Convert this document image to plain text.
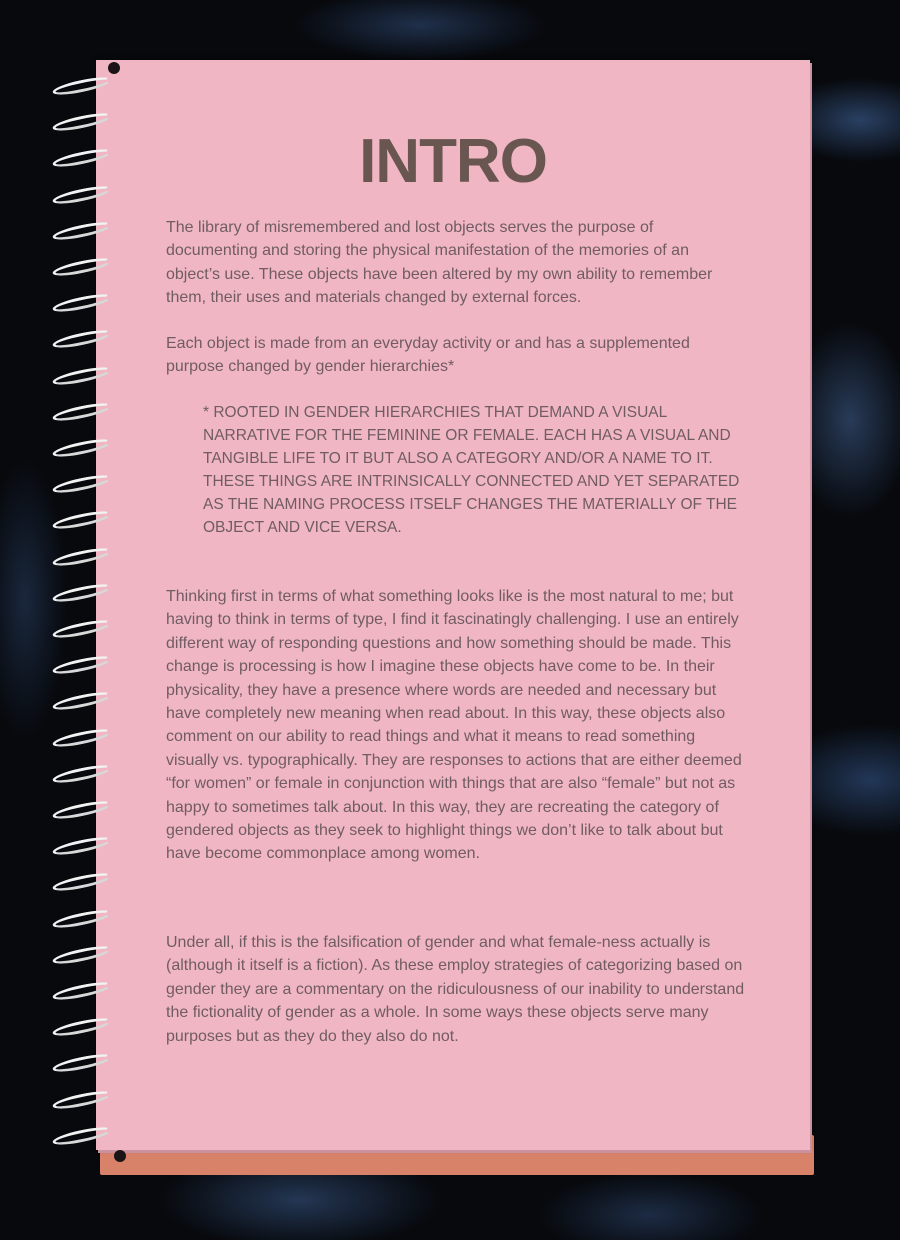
INTRO

The library of misremembered and lost objects serves the purpose of documenting and storing the physical manifestation of the memories of an object’s use. These objects have been altered by my own ability to remember them, their uses and materials changed by external forces.

Each object is made from an everyday activity or and has a supplemented purpose changed by gender hierarchies*

* ROOTED IN GENDER HIERARCHIES THAT DEMAND A VISUAL NARRATIVE FOR THE FEMININE OR FEMALE. EACH HAS A VISUAL AND TANGIBLE LIFE TO IT BUT ALSO A CATEGORY AND/OR A NAME TO IT. THESE THINGS ARE INTRINSICALLY CONNECTED AND YET SEPARATED AS THE NAMING PROCESS ITSELF CHANGES THE MATERIALLY OF THE OBJECT AND VICE VERSA.

Thinking first in terms of what something looks like is the most natural to me; but having to think in terms of type, I find it fascinatingly challenging. I use an entirely different way of responding questions and how something should be made. This change is processing is how I imagine these objects have come to be. In their physicality, they have a presence where words are needed and necessary but have completely new meaning when read about. In this way, these objects also comment on our ability to read things and what it means to read something visually vs. typographically. They are responses to actions that are either deemed “for women” or female in conjunction with things that are also “female” but not as happy to sometimes talk about. In this way, they are recreating the category of gendered objects as they seek to highlight things we don’t like to talk about but have become commonplace among women.

Under all, if this is the falsification of gender and what female-ness actually is (although it itself is a fiction). As these employ strategies of categorizing based on gender they are a commentary on the ridiculousness of our inability to understand the fictionality of gender as a whole. In some ways these objects serve many purposes but as they do they also do not.
